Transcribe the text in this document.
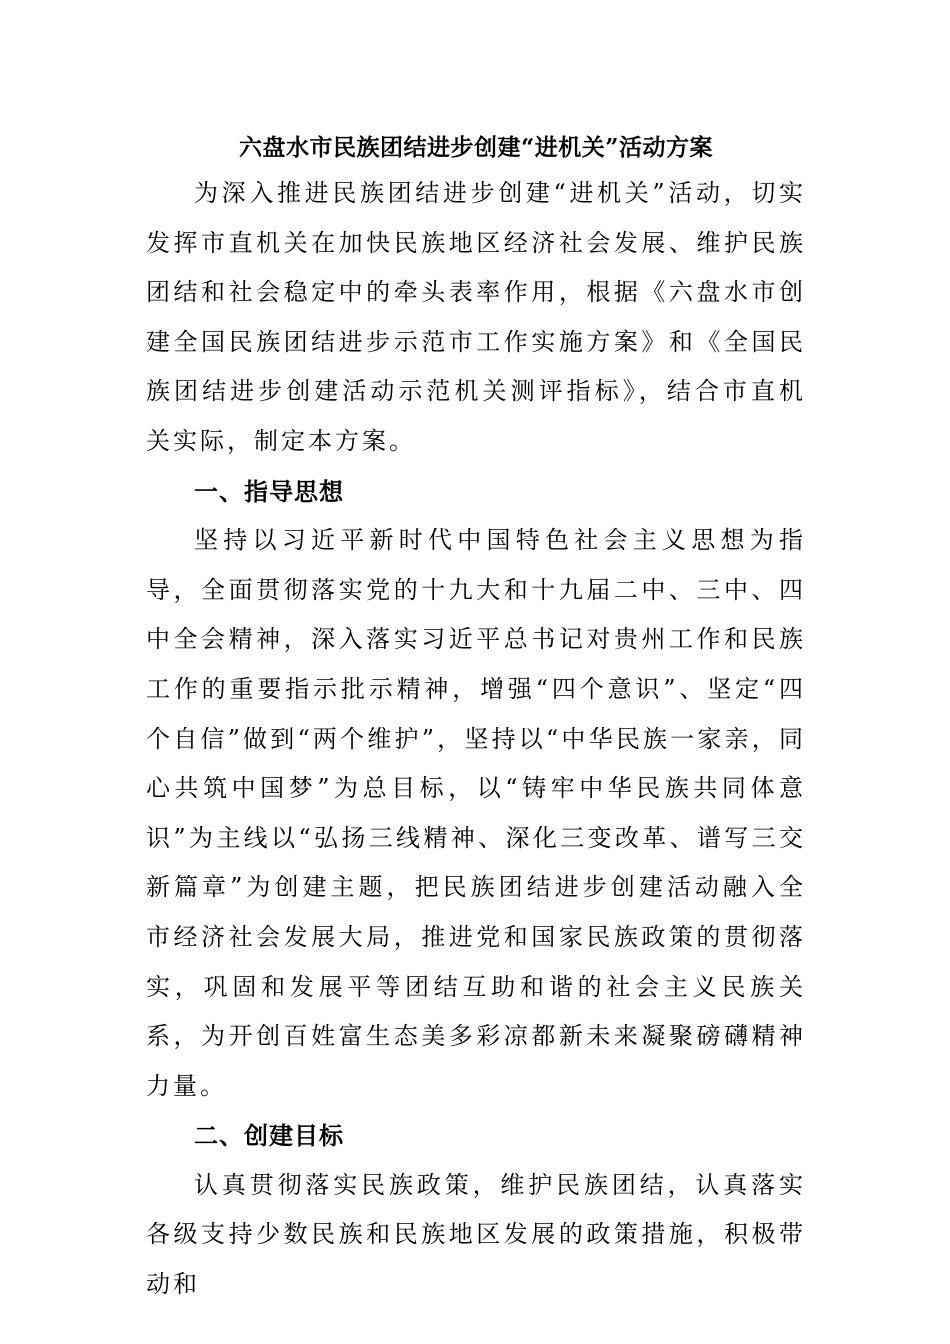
六盘水市民族团结进步创建“进机关”活动方案

为深入推进民族团结进步创建“进机关”活动，切实发挥市直机关在加快民族地区经济社会发展、维护民族团结和社会稳定中的牵头表率作用，根据《六盘水市创建全国民族团结进步示范市工作实施方案》和《全国民族团结进步创建活动示范机关测评指标》，结合市直机关实际，制定本方案。

一、指导思想

坚持以习近平新时代中国特色社会主义思想为指导，全面贯彻落实党的十九大和十九届二中、三中、四中全会精神，深入落实习近平总书记对贵州工作和民族工作的重要指示批示精神，增强“四个意识”、坚定“四个自信”做到“两个维护”，坚持以“中华民族一家亲，同心共筑中国梦”为总目标，以“铸牢中华民族共同体意识”为主线以“弘扬三线精神、深化三变改革、谱写三交新篇章”为创建主题，把民族团结进步创建活动融入全市经济社会发展大局，推进党和国家民族政策的贯彻落实，巩固和发展平等团结互助和谐的社会主义民族关系，为开创百姓富生态美多彩凉都新未来凝聚磅礴精神力量。

二、创建目标

认真贯彻落实民族政策，维护民族团结，认真落实各级支持少数民族和民族地区发展的政策措施，积极带动和
